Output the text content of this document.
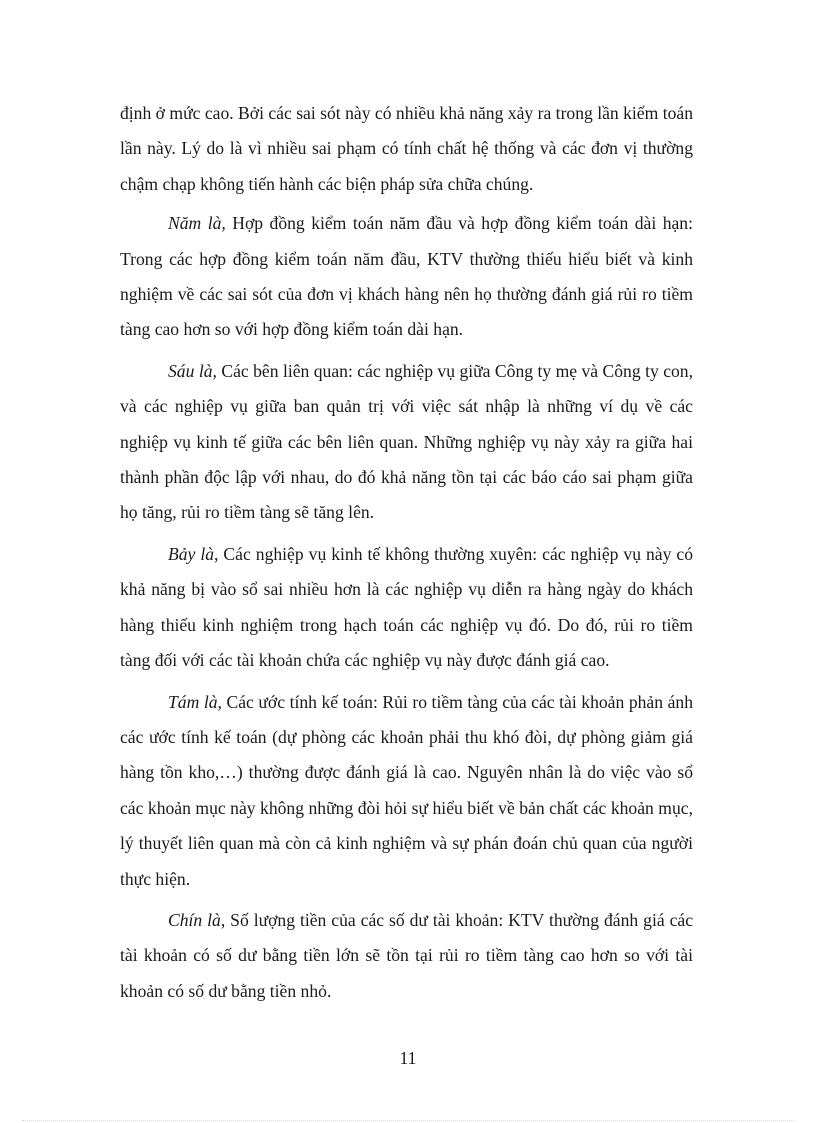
định ở mức cao. Bởi các sai sót này có nhiều khả năng xảy ra trong lần kiểm toán lần này. Lý do là vì nhiều sai phạm có tính chất hệ thống và các đơn vị thường chậm chạp không tiến hành các biện pháp sửa chữa chúng.

Năm là, Hợp đồng kiểm toán năm đầu và hợp đồng kiểm toán dài hạn: Trong các hợp đồng kiểm toán năm đầu, KTV thường thiếu hiểu biết và kinh nghiệm về các sai sót của đơn vị khách hàng nên họ thường đánh giá rủi ro tiềm tàng cao hơn so với hợp đồng kiểm toán dài hạn.

Sáu là, Các bên liên quan: các nghiệp vụ giữa Công ty mẹ và Công ty con, và các nghiệp vụ giữa ban quản trị với việc sát nhập là những ví dụ về các nghiệp vụ kinh tế giữa các bên liên quan. Những nghiệp vụ này xảy ra giữa hai thành phần độc lập với nhau, do đó khả năng tồn tại các báo cáo sai phạm giữa họ tăng, rủi ro tiềm tàng sẽ tăng lên.

Bảy là, Các nghiệp vụ kinh tế không thường xuyên: các nghiệp vụ này có khả năng bị vào sổ sai nhiều hơn là các nghiệp vụ diễn ra hàng ngày do khách hàng thiếu kinh nghiệm trong hạch toán các nghiệp vụ đó. Do đó, rủi ro tiềm tàng đối với các tài khoản chứa các nghiệp vụ này được đánh giá cao.

Tám là, Các ước tính kế toán: Rủi ro tiềm tàng của các tài khoản phản ánh các ước tính kế toán (dự phòng các khoản phải thu khó đòi, dự phòng giảm giá hàng tồn kho,…) thường được đánh giá là cao. Nguyên nhân là do việc vào sổ các khoản mục này không những đòi hỏi sự hiểu biết về bản chất các khoản mục, lý thuyết liên quan mà còn cả kinh nghiệm và sự phán đoán chủ quan của người thực hiện.

Chín là, Số lượng tiền của các số dư tài khoản: KTV thường đánh giá các tài khoản có số dư bằng tiền lớn sẽ tồn tại rủi ro tiềm tàng cao hơn so với tài khoản có số dư bằng tiền nhỏ.

11
